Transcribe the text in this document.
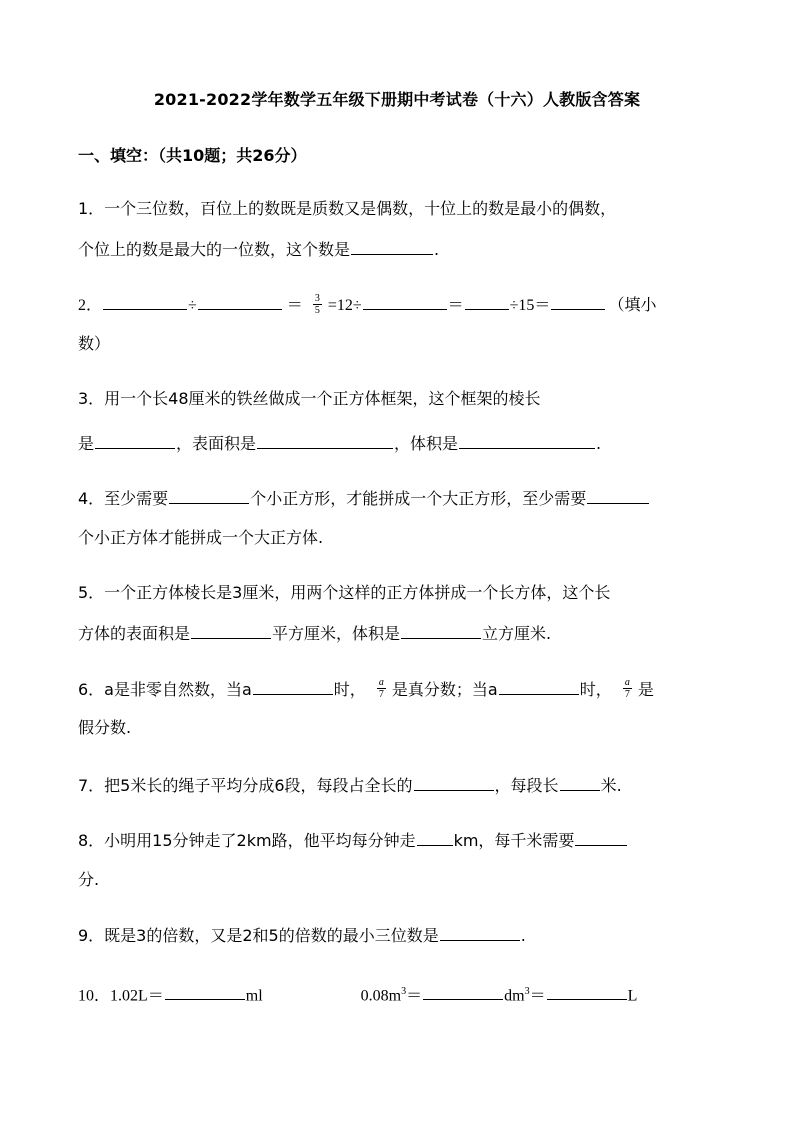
2021-2022学年数学五年级下册期中考试卷（十六）人教版含答案
一、填空：（共10题；共26分）
1．一个三位数，百位上的数既是质数又是偶数，十位上的数是最小的偶数，
个位上的数是最大的一位数，这个数是	.
2．	÷	＝ $\frac{3}{5} =12\div$	＝	÷15＝	（填小
数）
3．用一个长48厘米的铁丝做成一个正方体框架，这个框架的棱长
是	，表面积是	，体积是	.
4．至少需要	个小正方形，才能拼成一个大正方形，至少需要
个小正方体才能拼成一个大正方体.
5．一个正方体棱长是3厘米，用两个这样的正方体拼成一个长方体，这个长
方体的表面积是	平方厘米，体积是	立方厘米.
6．a是非零自然数，当a	时， $\frac{a}{7}$ 是真分数；当a	时， $\frac{a}{7}$ 是
假分数.
7．把5米长的绳子平均分成6段，每段占全长的	，每段长	米.
8．小明用15分钟走了2km路，他平均每分钟走 km，每千米需要
分.
9．既是3的倍数，又是2和5的倍数的最小三位数是	.
10．1.02L＝	ml	$0.08m^3=$	$dm^3=$	L
